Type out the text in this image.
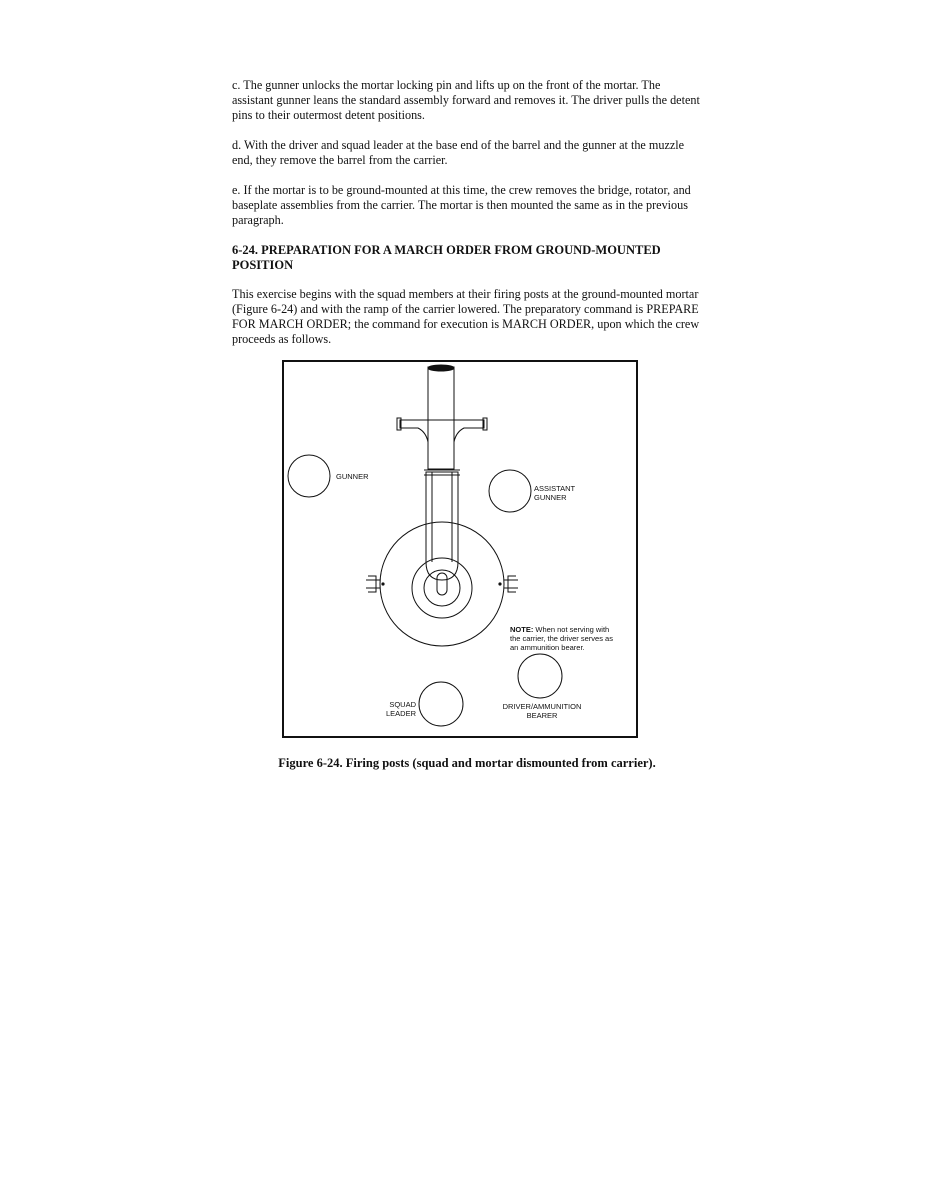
c. The gunner unlocks the mortar locking pin and lifts up on the front of the mortar. The assistant gunner leans the standard assembly forward and removes it. The driver pulls the detent pins to their outermost detent positions.

d. With the driver and squad leader at the base end of the barrel and the gunner at the muzzle end, they remove the barrel from the carrier.

e. If the mortar is to be ground-mounted at this time, the crew removes the bridge, rotator, and baseplate assemblies from the carrier. The mortar is then mounted the same as in the previous paragraph.

6-24. PREPARATION FOR A MARCH ORDER FROM GROUND-MOUNTED
POSITION

This exercise begins with the squad members at their firing posts at the ground-mounted mortar (Figure 6-24) and with the ramp of the carrier lowered. The preparatory command is PREPARE FOR MARCH ORDER; the command for execution is MARCH ORDER, upon which the crew proceeds as follows.

GUNNER
ASSISTANT
GUNNER
NOTE: When not serving with
the carrier, the driver serves as
an ammunition bearer.
SQUAD
LEADER
DRIVER/AMMUNITION
BEARER

Figure 6-24. Firing posts (squad and mortar dismounted from carrier).
